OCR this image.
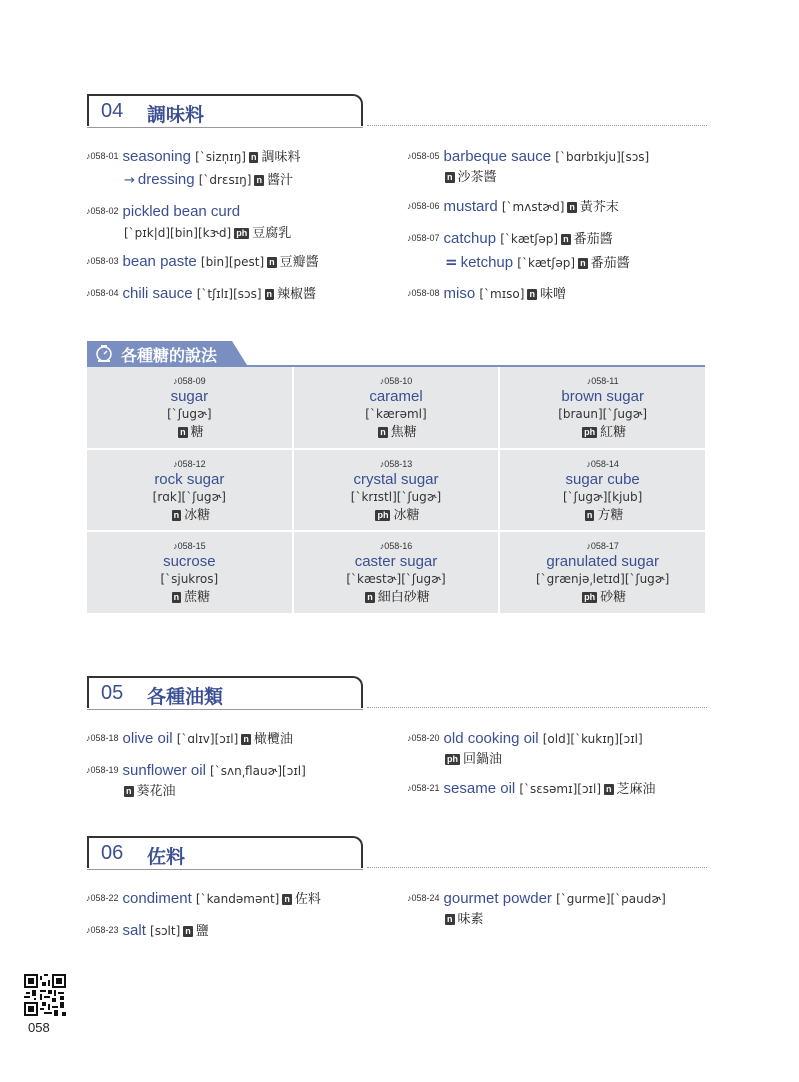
04 調味料
♪058-01 seasoning [ˋsizn̩ɪŋ] n 調味料
→ dressing [ˋdrɛsɪŋ] n 醬汁
♪058-02 pickled bean curd
[ˋpɪk|d][bin][kɝd] ph 豆腐乳
♪058-03 bean paste [bin][pest] n 豆瓣醬
♪058-04 chili sauce [ˋtʃɪlɪ][sɔs] n 辣椒醬
♪058-05 barbeque sauce [ˋbɑrbɪkju][sɔs]
n 沙茶醬
♪058-06 mustard [ˋmʌstɚd] n 黃芥末
♪058-07 catchup [ˋkætʃəp] n 番茄醬
= ketchup [ˋkætʃəp] n 番茄醬
♪058-08 miso [ˋmɪso] n 味噌
各種糖的說法
♪058-09
sugar
[ˋʃugɚ]
n 糖
♪058-10
caramel
[ˋkærəml]
n 焦糖
♪058-11
brown sugar
[braun][ˋʃugɚ]
ph 紅糖
♪058-12
rock sugar
[rɑk][ˋʃugɚ]
n 冰糖
♪058-13
crystal sugar
[ˋkrɪstl][ˋʃugɚ]
ph 冰糖
♪058-14
sugar cube
[ˋʃugɚ][kjub]
n 方糖
♪058-15
sucrose
[ˋsjukros]
n 蔗糖
♪058-16
caster sugar
[ˋkæstɚ][ˋʃugɚ]
n 細白砂糖
♪058-17
granulated sugar
[ˋgrænjə͵letɪd][ˋʃugɚ]
ph 砂糖
05 各種油類
♪058-18 olive oil [ˋɑlɪv][ɔɪl] n 橄欖油
♪058-19 sunflower oil [ˋsʌn͵flauɚ][ɔɪl]
n 葵花油
♪058-20 old cooking oil [old][ˋkukɪŋ][ɔɪl]
ph 回鍋油
♪058-21 sesame oil [ˋsɛsəmɪ][ɔɪl] n 芝麻油
06 佐料
♪058-22 condiment [ˋkandəmənt] n 佐料
♪058-23 salt [sɔlt] n 鹽
♪058-24 gourmet powder [ˋgurme][ˋpaudɚ]
n 味素
058
